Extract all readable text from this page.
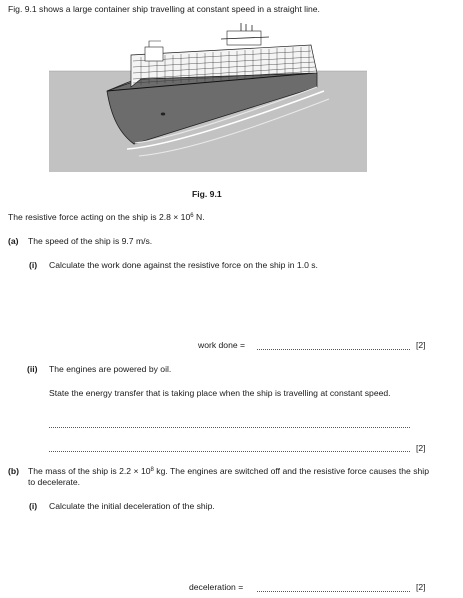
Fig. 9.1 shows a large container ship travelling at constant speed in a straight line.
Fig. 9.1
The resistive force acting on the ship is $2.8 \times 10^6$ N.
(a) The speed of the ship is 9.7 m/s.
(i) Calculate the work done against the resistive force on the ship in 1.0 s.
work done =	[2]
(ii) The engines are powered by oil.
State the energy transfer that is taking place when the ship is travelling at constant speed.
[2]
(b) The mass of the ship is $2.2 \times 10^8$ kg. The engines are switched off and the resistive force causes the ship to decelerate.
(i) Calculate the initial deceleration of the ship.
deceleration =	[2]
